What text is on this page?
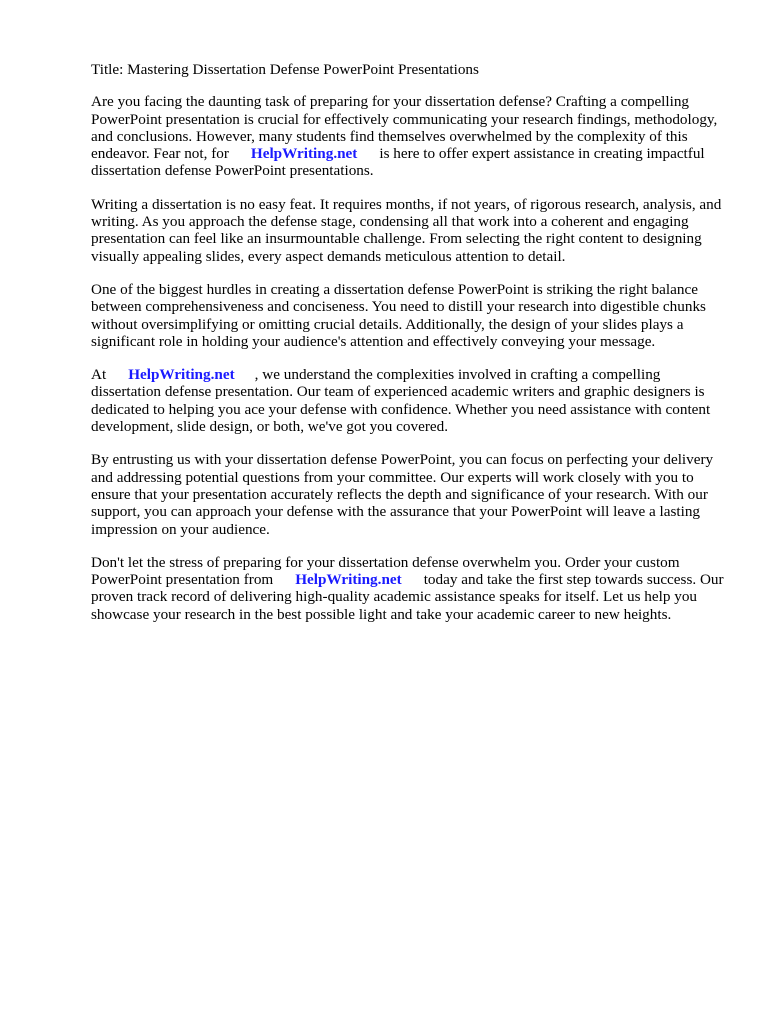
Title: Mastering Dissertation Defense PowerPoint Presentations

Are you facing the daunting task of preparing for your dissertation defense? Crafting a compelling PowerPoint presentation is crucial for effectively communicating your research findings, methodology, and conclusions. However, many students find themselves overwhelmed by the complexity of this endeavor. Fear not, for HelpWriting.net is here to offer expert assistance in creating impactful dissertation defense PowerPoint presentations.

Writing a dissertation is no easy feat. It requires months, if not years, of rigorous research, analysis, and writing. As you approach the defense stage, condensing all that work into a coherent and engaging presentation can feel like an insurmountable challenge. From selecting the right content to designing visually appealing slides, every aspect demands meticulous attention to detail.

One of the biggest hurdles in creating a dissertation defense PowerPoint is striking the right balance between comprehensiveness and conciseness. You need to distill your research into digestible chunks without oversimplifying or omitting crucial details. Additionally, the design of your slides plays a significant role in holding your audience's attention and effectively conveying your message.

At HelpWriting.net , we understand the complexities involved in crafting a compelling dissertation defense presentation. Our team of experienced academic writers and graphic designers is dedicated to helping you ace your defense with confidence. Whether you need assistance with content development, slide design, or both, we've got you covered.

By entrusting us with your dissertation defense PowerPoint, you can focus on perfecting your delivery and addressing potential questions from your committee. Our experts will work closely with you to ensure that your presentation accurately reflects the depth and significance of your research. With our support, you can approach your defense with the assurance that your PowerPoint will leave a lasting impression on your audience.

Don't let the stress of preparing for your dissertation defense overwhelm you. Order your custom PowerPoint presentation from HelpWriting.net today and take the first step towards success. Our proven track record of delivering high-quality academic assistance speaks for itself. Let us help you showcase your research in the best possible light and take your academic career to new heights.
